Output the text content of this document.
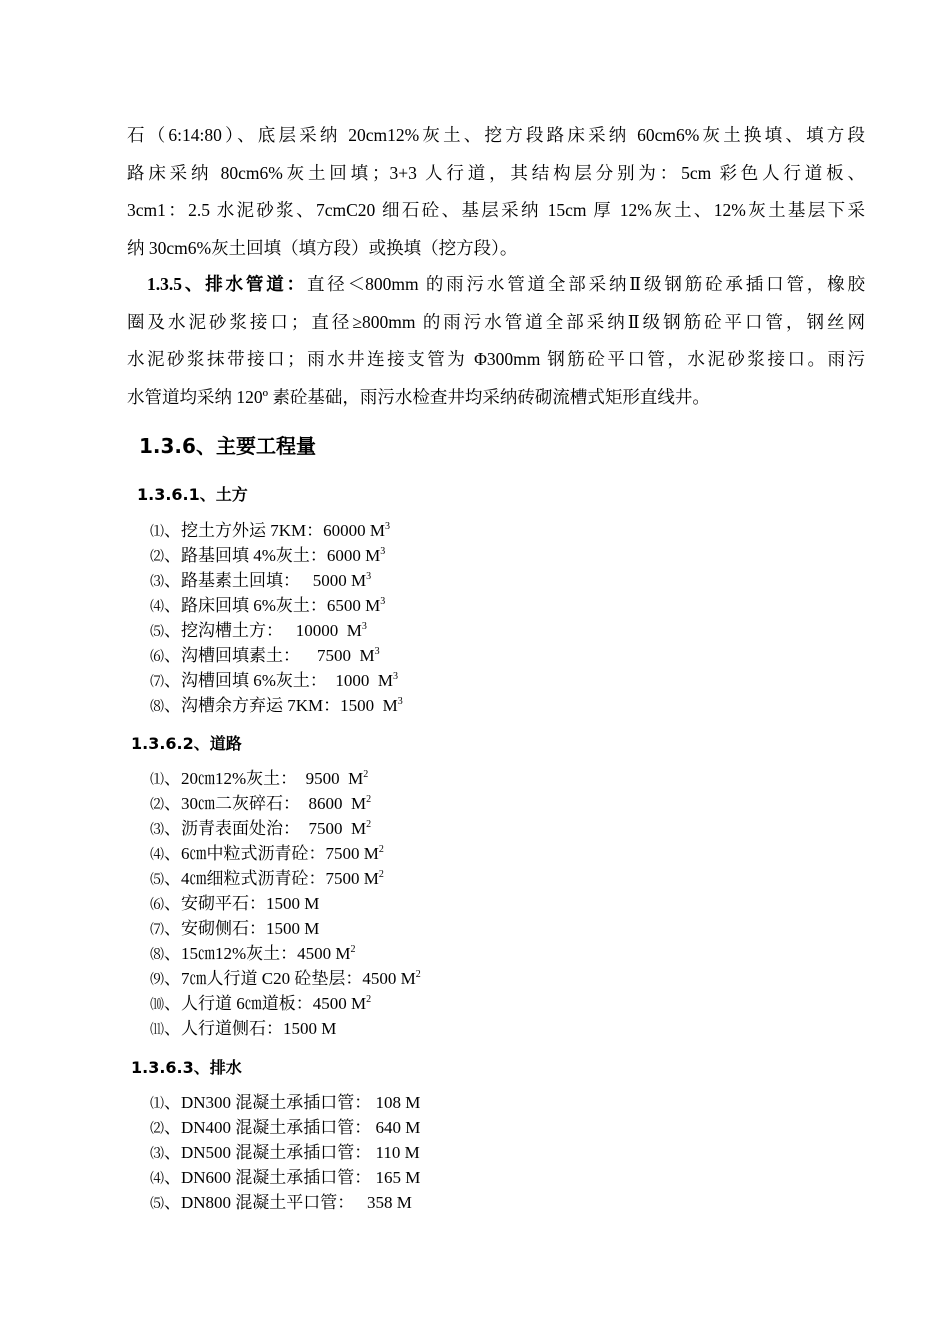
石（6:14:80）、底层采纳 20cm12%灰土、挖方段路床采纳 60cm6%灰土换填、填方段
路床采纳 80cm6%灰土回填；3+3 人行道，其结构层分别为：5cm 彩色人行道板、
3cm1：2.5 水泥砂浆、7cmC20 细石砼、基层采纳 15cm 厚 12%灰土、12%灰土基层下采
纳 30cm6%灰土回填（填方段）或换填（挖方段）。
1.3.5、排水管道：直径＜800mm 的雨污水管道全部采纳Ⅱ级钢筋砼承插口管，橡胶
圈及水泥砂浆接口；直径≥800mm 的雨污水管道全部采纳Ⅱ级钢筋砼平口管，钢丝网
水泥砂浆抹带接口；雨水井连接支管为 Φ300mm 钢筋砼平口管，水泥砂浆接口。雨污
水管道均采纳 120º 素砼基础，雨污水检查井均采纳砖砌流槽式矩形直线井。
1.3.6、主要工程量
1.3.6.1、土方
⑴、挖土方外运 7KM：60000 $M^3$
⑵、路基回填 4%灰土：6000 $M^3$
⑶、路基素土回填：   5000 $M^3$
⑷、路床回填 6%灰土：6500 $M^3$
⑸、挖沟槽土方：   10000  $M^3$
⑹、沟槽回填素土：    7500  $M^3$
⑺、沟槽回填 6%灰土：  1000  $M^3$
⑻、沟槽余方弃运 7KM：1500  $M^3$
1.3.6.2、道路
⑴、20㎝12%灰土：  9500  $M^2$
⑵、30㎝二灰碎石：  8600  $M^2$
⑶、沥青表面处治：  7500  $M^2$
⑷、6㎝中粒式沥青砼：7500 $M^2$
⑸、4㎝细粒式沥青砼：7500 $M^2$
⑹、安砌平石：1500 M
⑺、安砌侧石：1500 M
⑻、15㎝12%灰土：4500 $M^2$
⑼、7㎝人行道 C20 砼垫层：4500 $M^2$
⑽、人行道 6㎝道板：4500 $M^2$
⑾、人行道侧石：1500 M
1.3.6.3、排水
⑴、DN300 混凝土承插口管： 108 M
⑵、DN400 混凝土承插口管： 640 M
⑶、DN500 混凝土承插口管： 110 M
⑷、DN600 混凝土承插口管： 165 M
⑸、DN800 混凝土平口管：   358 M
